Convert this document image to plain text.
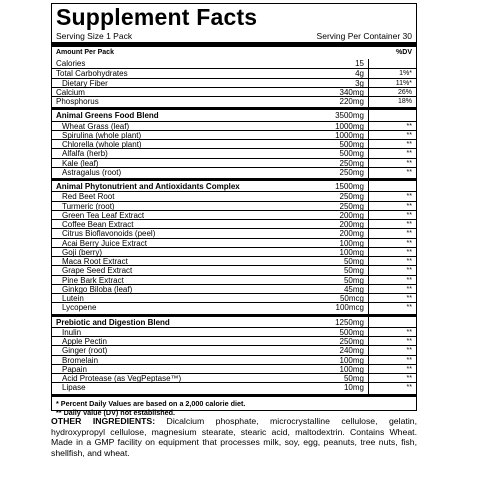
Supplement Facts
Serving Size 1 Pack	Serving Per Container 30
Amount Per Pack	%DV
Calories	15
Total Carbohydrates	4g	1%*
Dietary Fiber	3g	11%*
Calcium	340mg	26%
Phosphorus	220mg	18%
Animal Greens Food Blend	3500mg
Wheat Grass (leaf)	1000mg	**
Spirulina (whole plant)	1000mg	**
Chlorella (whole plant)	500mg	**
Alfalfa (herb)	500mg	**
Kale (leaf)	250mg	**
Astragalus (root)	250mg	**
Animal Phytonutrient and Antioxidants Complex	1500mg
Red Beet Root	250mg	**
Turmeric (root)	250mg	**
Green Tea Leaf Extract	200mg	**
Coffee Bean Extract	200mg	**
Citrus Bioflavonoids (peel)	200mg	**
Acai Berry Juice Extract	100mg	**
Goji (berry)	100mg	**
Maca Root Extract	50mg	**
Grape Seed Extract	50mg	**
Pine Bark Extract	50mg	**
Ginkgo Biloba (leaf)	45mg	**
Lutein	50mcg	**
Lycopene	100mcg	**
Prebiotic and Digestion Blend	1250mg
Inulin	500mg	**
Apple Pectin	250mg	**
Ginger (root)	240mg	**
Bromelain	100mg	**
Papain	100mg	**
Acid Protease (as VegPeptase™)	50mg	**
Lipase	10mg	**
* Percent Daily Values are based on a 2,000 calorie diet.
** Daily Value (DV) not established.
OTHER INGREDIENTS: Dicalcium phosphate, microcrystalline cellulose, gelatin, hydroxypropyl cellulose, magnesium stearate, stearic acid, maltodextrin. Contains Wheat. Made in a GMP facility on equipment that processes milk, soy, egg, peanuts, tree nuts, fish, shellfish, and wheat.
